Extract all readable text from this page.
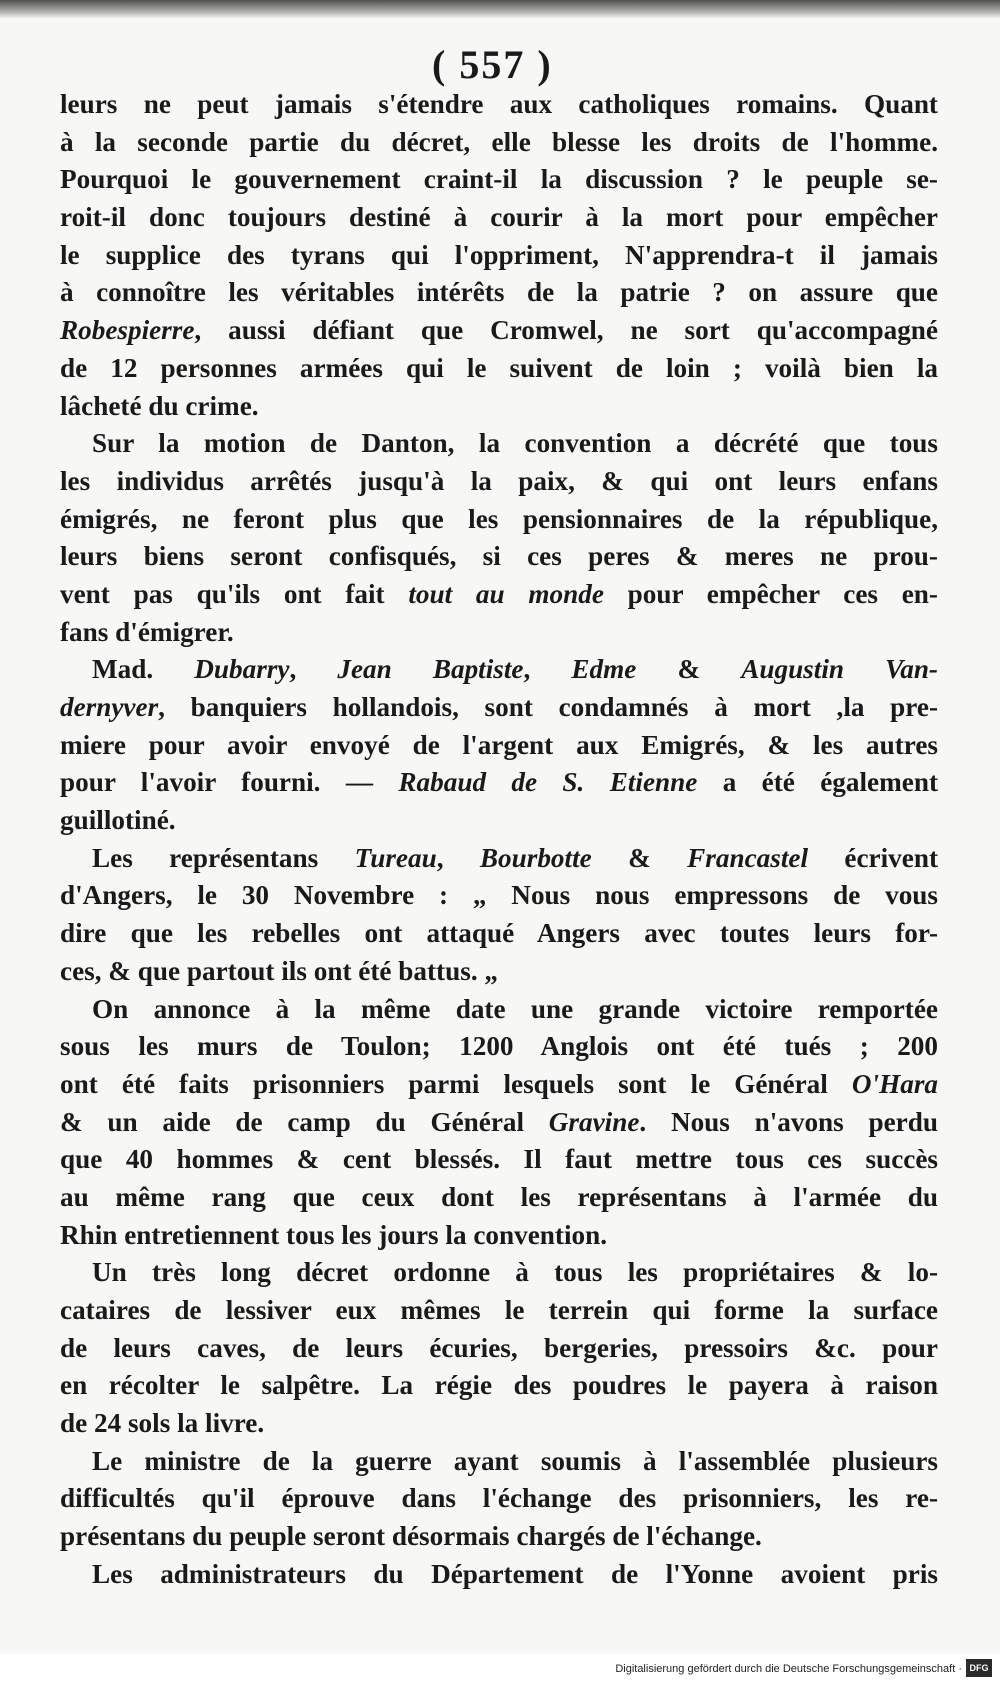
( 557 )
leurs ne peut jamais s'étendre aux catholiques romains. Quant
à la seconde partie du décret, elle blesse les droits de l'homme.
Pourquoi le gouvernement craint-il la discussion ? le peuple se-
roit-il donc toujours destiné à courir à la mort pour empêcher
le supplice des tyrans qui l'oppriment, N'apprendra-t il jamais
à connoître les véritables intérêts de la patrie ? on assure que
Robespierre, aussi défiant que Cromwel, ne sort qu'accompagné
de 12 personnes armées qui le suivent de loin ; voilà bien la
lâcheté du crime.
Sur la motion de Danton, la convention a décrété que tous
les individus arrêtés jusqu'à la paix, & qui ont leurs enfans
émigrés, ne feront plus que les pensionnaires de la république,
leurs biens seront confisqués, si ces peres & meres ne prou-
vent pas qu'ils ont fait tout au monde pour empêcher ces en-
fans d'émigrer.
Mad. Dubarry, Jean Baptiste, Edme & Augustin Van-
dernyver, banquiers hollandois, sont condamnés à mort ,la pre-
miere pour avoir envoyé de l'argent aux Emigrés, & les autres
pour l'avoir fourni. — Rabaud de S. Etienne a été également
guillotiné.
Les représentans Tureau, Bourbotte & Francastel écrivent
d'Angers, le 30 Novembre : „ Nous nous empressons de vous
dire que les rebelles ont attaqué Angers avec toutes leurs for-
ces, & que partout ils ont été battus. „
On annonce à la même date une grande victoire remportée
sous les murs de Toulon; 1200 Anglois ont été tués ; 200
ont été faits prisonniers parmi lesquels sont le Général O'Hara
& un aide de camp du Général Gravine. Nous n'avons perdu
que 40 hommes & cent blessés. Il faut mettre tous ces succès
au même rang que ceux dont les représentans à l'armée du
Rhin entretiennent tous les jours la convention.
Un très long décret ordonne à tous les propriétaires & lo-
cataires de lessiver eux mêmes le terrein qui forme la surface
de leurs caves, de leurs écuries, bergeries, pressoirs &c. pour
en récolter le salpêtre. La régie des poudres le payera à raison
de 24 sols la livre.
Le ministre de la guerre ayant soumis à l'assemblée plusieurs
difficultés qu'il éprouve dans l'échange des prisonniers, les re-
présentans du peuple seront désormais chargés de l'échange.
Les administrateurs du Département de l'Yonne avoient pris
Digitalisierung gefördert durch die Deutsche Forschungsgemeinschaft · DFG
